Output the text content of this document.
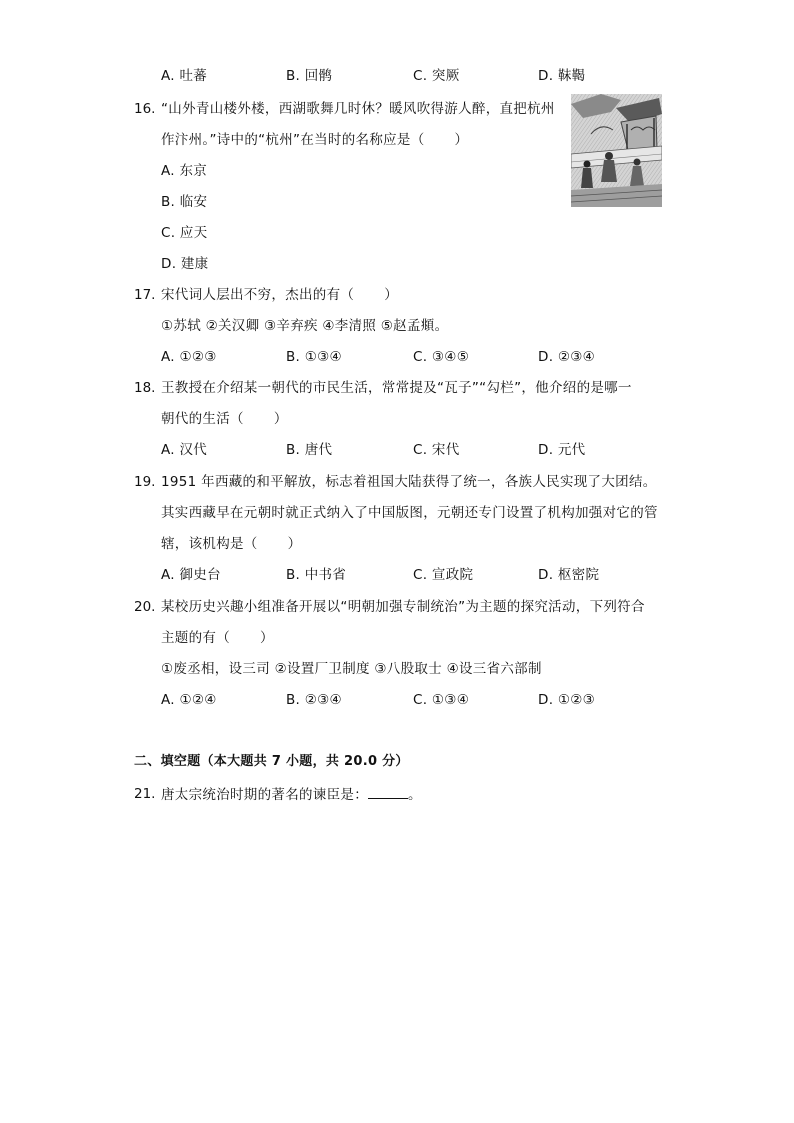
A. 吐蕃	B. 回鹘	C. 突厥	D. 靺鞨
16. “山外青山楼外楼，西湖歌舞几时休？暖风吹得游人醉，直把杭州
作汴州。”诗中的“杭州”在当时的名称应是（ ）
A. 东京
B. 临安
C. 应天
D. 建康
17. 宋代词人层出不穷，杰出的有（ ）
①苏轼 ②关汉卿 ③辛弃疾 ④李清照 ⑤赵孟頫。
A. ①②③	B. ①③④	C. ③④⑤	D. ②③④
18. 王教授在介绍某一朝代的市民生活，常常提及“瓦子”“勾栏”，他介绍的是哪一
朝代的生活（ ）
A. 汉代	B. 唐代	C. 宋代	D. 元代
19. 1951 年西藏的和平解放，标志着祖国大陆获得了统一，各族人民实现了大团结。
其实西藏早在元朝时就正式纳入了中国版图，元朝还专门设置了机构加强对它的管
辖，该机构是（ ）
A. 御史台	B. 中书省	C. 宣政院	D. 枢密院
20. 某校历史兴趣小组准备开展以“明朝加强专制统治”为主题的探究活动，下列符合
主题的有（ ）
①废丞相，设三司 ②设置厂卫制度 ③八股取士 ④设三省六部制
A. ①②④	B. ②③④	C. ①③④	D. ①②③
二、填空题（本大题共 7 小题，共 20.0 分）
21. 唐太宗统治时期的著名的谏臣是：	。
